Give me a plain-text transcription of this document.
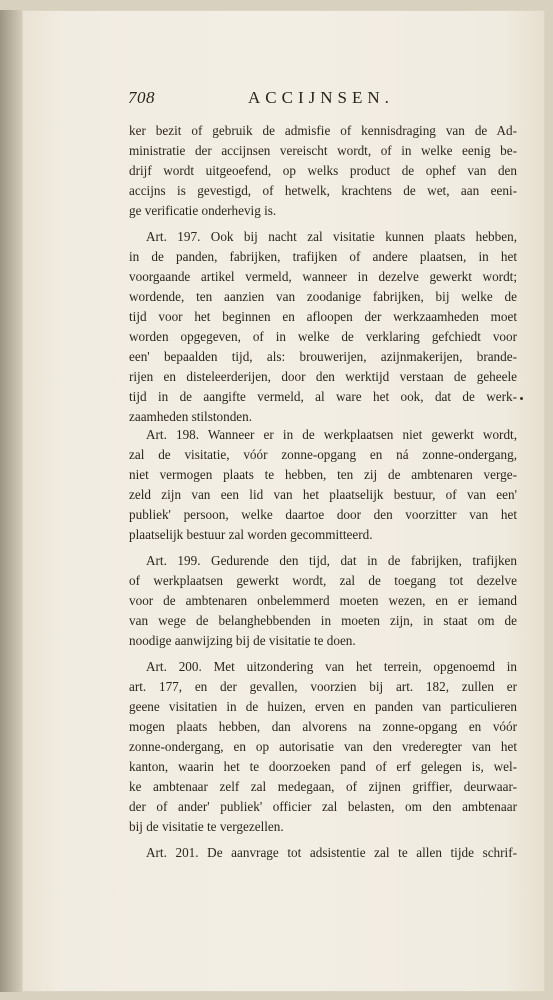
708	ACCIJNSEN.
ker bezit of gebruik de admisfie of kennisdraging van de Ad-
ministratie der accijnsen vereischt wordt, of in welke eenig be-
drijf wordt uitgeoefend, op welks product de ophef van den
accijns is gevestigd, of hetwelk, krachtens de wet, aan eeni-
ge verificatie onderhevig is.
Art. 197. Ook bij nacht zal visitatie kunnen plaats hebben,
in de panden, fabrijken, trafijken of andere plaatsen, in het
voorgaande artikel vermeld, wanneer in dezelve gewerkt wordt;
wordende, ten aanzien van zoodanige fabrijken, bij welke de
tijd voor het beginnen en afloopen der werkzaamheden moet
worden opgegeven, of in welke de verklaring gefchiedt voor
een' bepaalden tijd, als: brouwerijen, azijnmakerijen, brande-
rijen en disteleerderijen, door den werktijd verstaan de geheele
tijd in de aangifte vermeld, al ware het ook, dat de werk-
zaamheden stilstonden.
Art. 198. Wanneer er in de werkplaatsen niet gewerkt wordt,
zal de visitatie, vóór zonne-opgang en ná zonne-ondergang,
niet vermogen plaats te hebben, ten zij de ambtenaren verge-
zeld zijn van een lid van het plaatselijk bestuur, of van een'
publiek' persoon, welke daartoe door den voorzitter van het
plaatselijk bestuur zal worden gecommitteerd.
Art. 199. Gedurende den tijd, dat in de fabrijken, trafijken
of werkplaatsen gewerkt wordt, zal de toegang tot dezelve
voor de ambtenaren onbelemmerd moeten wezen, en er iemand
van wege de belanghebbenden in moeten zijn, in staat om de
noodige aanwijzing bij de visitatie te doen.
Art. 200. Met uitzondering van het terrein, opgenoemd in
art. 177, en der gevallen, voorzien bij art. 182, zullen er
geene visitatien in de huizen, erven en panden van particulieren
mogen plaats hebben, dan alvorens na zonne-opgang en vóór
zonne-ondergang, en op autorisatie van den vrederegter van het
kanton, waarin het te doorzoeken pand of erf gelegen is, wel-
ke ambtenaar zelf zal medegaan, of zijnen griffier, deurwaar-
der of ander' publiek' officier zal belasten, om den ambtenaar
bij de visitatie te vergezellen.
Art. 201. De aanvrage tot adsistentie zal te allen tijde schrif-
